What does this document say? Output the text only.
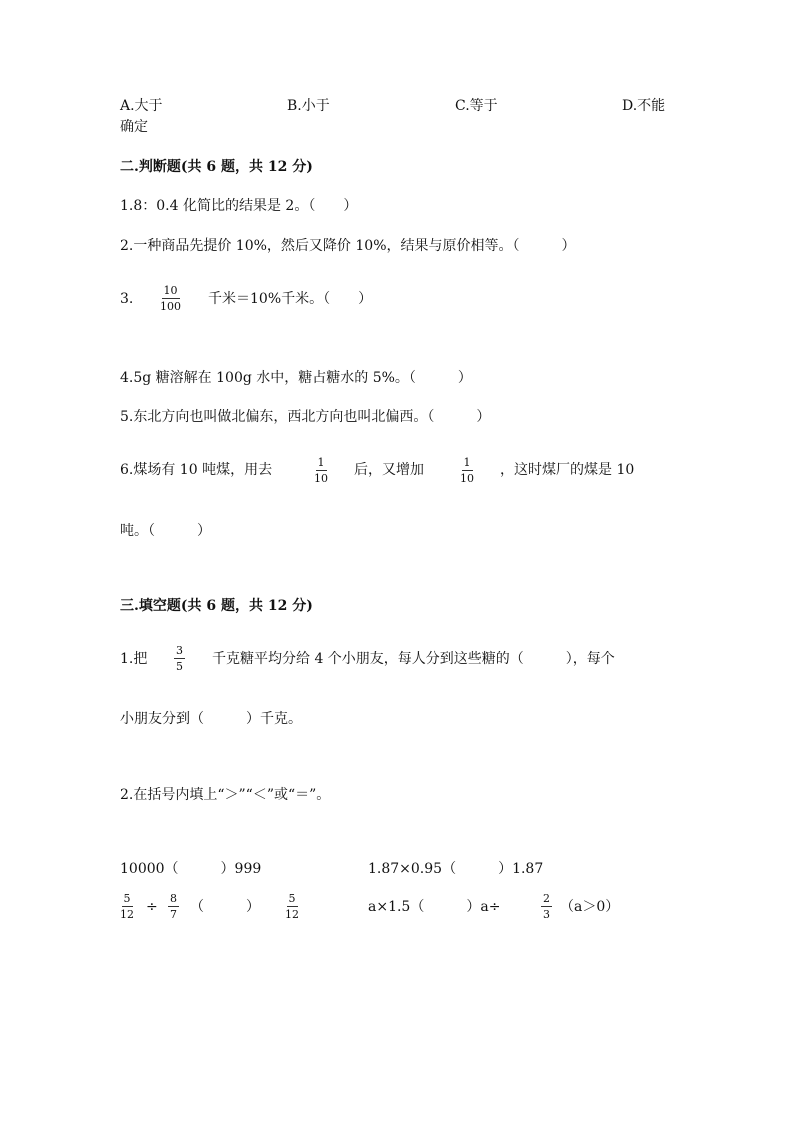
A.大于	B.小于	C.等于	D.不能
确定
二.判断题(共 6 题，共 12 分)
1.8：0.4 化简比的结果是 2。（　　）
2.一种商品先提价 10%，然后又降价 10%，结果与原价相等。（　　　）
3. $\frac{10}{100}$ 千米＝10%千米。（　　）
4.5g 糖溶解在 100g 水中，糖占糖水的 5%。（　　　）
5.东北方向也叫做北偏东，西北方向也叫北偏西。（　　　）
6.煤场有 10 吨煤，用去	$\frac{1}{10}$ 后，又增加	$\frac{1}{10}$ ，这时煤厂的煤是 10
吨。（　　　）
三.填空题(共 6 题，共 12 分)
1.把 $\frac{3}{5}$ 千克糖平均分给 4 个小朋友，每人分到这些糖的（　　　），每个
小朋友分到（　　　）千克。
2.在括号内填上“＞”“＜”或“＝”。
10000（　　　）999	1.87×0.95（　　　）1.87
$\frac{5}{12} \div \frac{8}{7}$ （　　　） $\frac{5}{12}$	a×1.5（　　　）a÷	$\frac{2}{3} (a>0)$
